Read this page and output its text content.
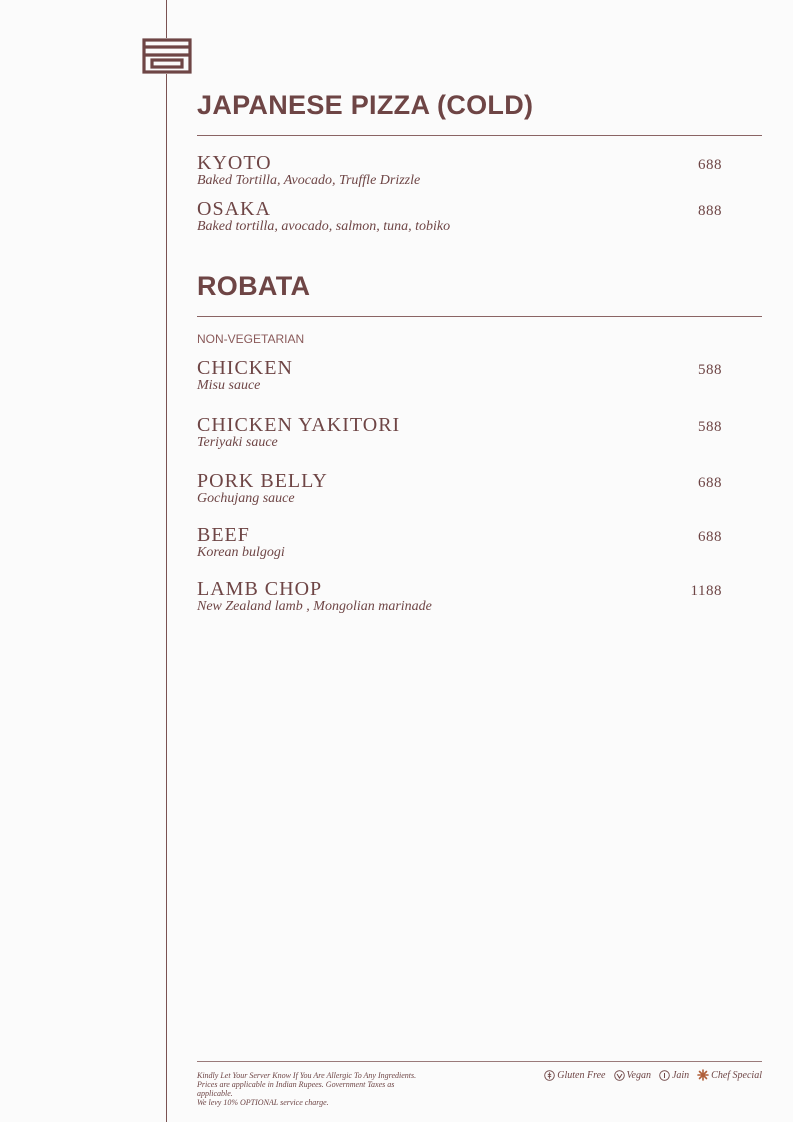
JAPANESE PIZZA (COLD)
KYOTO
Baked Tortilla, Avocado, Truffle Drizzle
688
OSAKA
Baked tortilla, avocado, salmon, tuna, tobiko
888
ROBATA
NON-VEGETARIAN
CHICKEN
Misu sauce
588
CHICKEN YAKITORI
Teriyaki sauce
588
PORK BELLY
Gochujang sauce
688
BEEF
Korean bulgogi
688
LAMB CHOP
New Zealand lamb , Mongolian marinade
1188
Kindly Let Your Server Know If You Are Allergic To Any Ingredients.
Prices are applicable in Indian Rupees. Government Taxes as
applicable.
We levy 10% OPTIONAL service charge.
Gluten Free Vegan Jain Chef Special
